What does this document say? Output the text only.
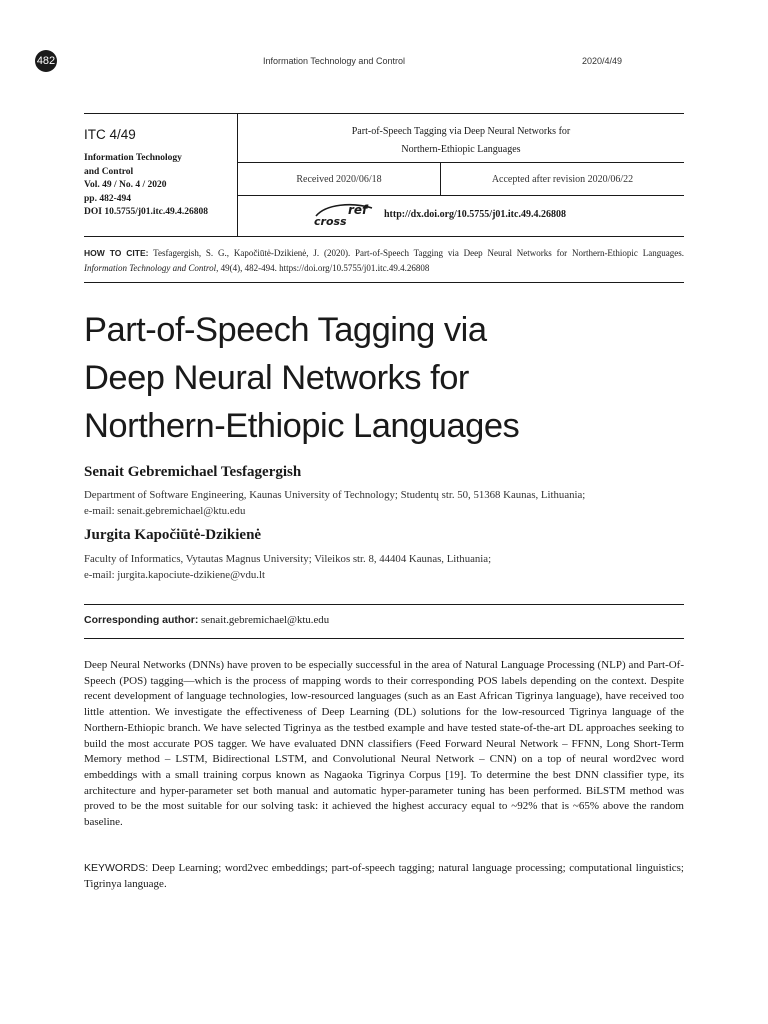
482	Information Technology and Control	2020/4/49
ITC 4/49
Information Technology
and Control
Vol. 49 / No. 4 / 2020
pp. 482-494
DOI 10.5755/j01.itc.49.4.26808
Part-of-Speech Tagging via Deep Neural Networks for
Northern-Ethiopic Languages
Received 2020/06/18	Accepted after revision 2020/06/22
cross
ref http://dx.doi.org/10.5755/j01.itc.49.4.26808
HOW TO CITE: Tesfagergish, S. G., Kapočiūtė-Dzikienė, J. (2020). Part-of-Speech Tagging via Deep Neural Networks for Northern-Ethiopic Languages. Information Technology and Control, 49(4), 482-494. https://doi.org/10.5755/j01.itc.49.4.26808
Part-of-Speech Tagging via
Deep Neural Networks for
Northern-Ethiopic Languages
Senait Gebremichael Tesfagergish
Department of Software Engineering, Kaunas University of Technology; Studentų str. 50, 51368 Kaunas, Lithuania;
e-mail: senait.gebremichael@ktu.edu
Jurgita Kapočiūtė-Dzikienė
Faculty of Informatics, Vytautas Magnus University; Vileikos str. 8, 44404 Kaunas, Lithuania;
e-mail: jurgita.kapociute-dzikiene@vdu.lt
Corresponding author: senait.gebremichael@ktu.edu
Deep Neural Networks (DNNs) have proven to be especially successful in the area of Natural Language Processing (NLP) and Part-Of-Speech (POS) tagging—which is the process of mapping words to their corresponding POS labels depending on the context. Despite recent development of language technologies, low-resourced languages (such as an East African Tigrinya language), have received too little attention. We investigate the effectiveness of Deep Learning (DL) solutions for the low-resourced Tigrinya language of the Northern-Ethiopic branch. We have selected Tigrinya as the testbed example and have tested state-of-the-art DL approaches seeking to build the most accurate POS tagger. We have evaluated DNN classifiers (Feed Forward Neural Network – FFNN, Long Short-Term Memory method – LSTM, Bidirectional LSTM, and Convolutional Neural Network – CNN) on a top of neural word2vec word embeddings with a small training corpus known as Nagaoka Tigrinya Corpus [19]. To determine the best DNN classifier type, its architecture and hyper-parameter set both manual and automatic hyper-parameter tuning has been performed. BiLSTM method was proved to be the most suitable for our solving task: it achieved the highest accuracy equal to ~92% that is ~65% above the random baseline.
KEYWORDS: Deep Learning; word2vec embeddings; part-of-speech tagging; natural language processing; computational linguistics; Tigrinya language.
